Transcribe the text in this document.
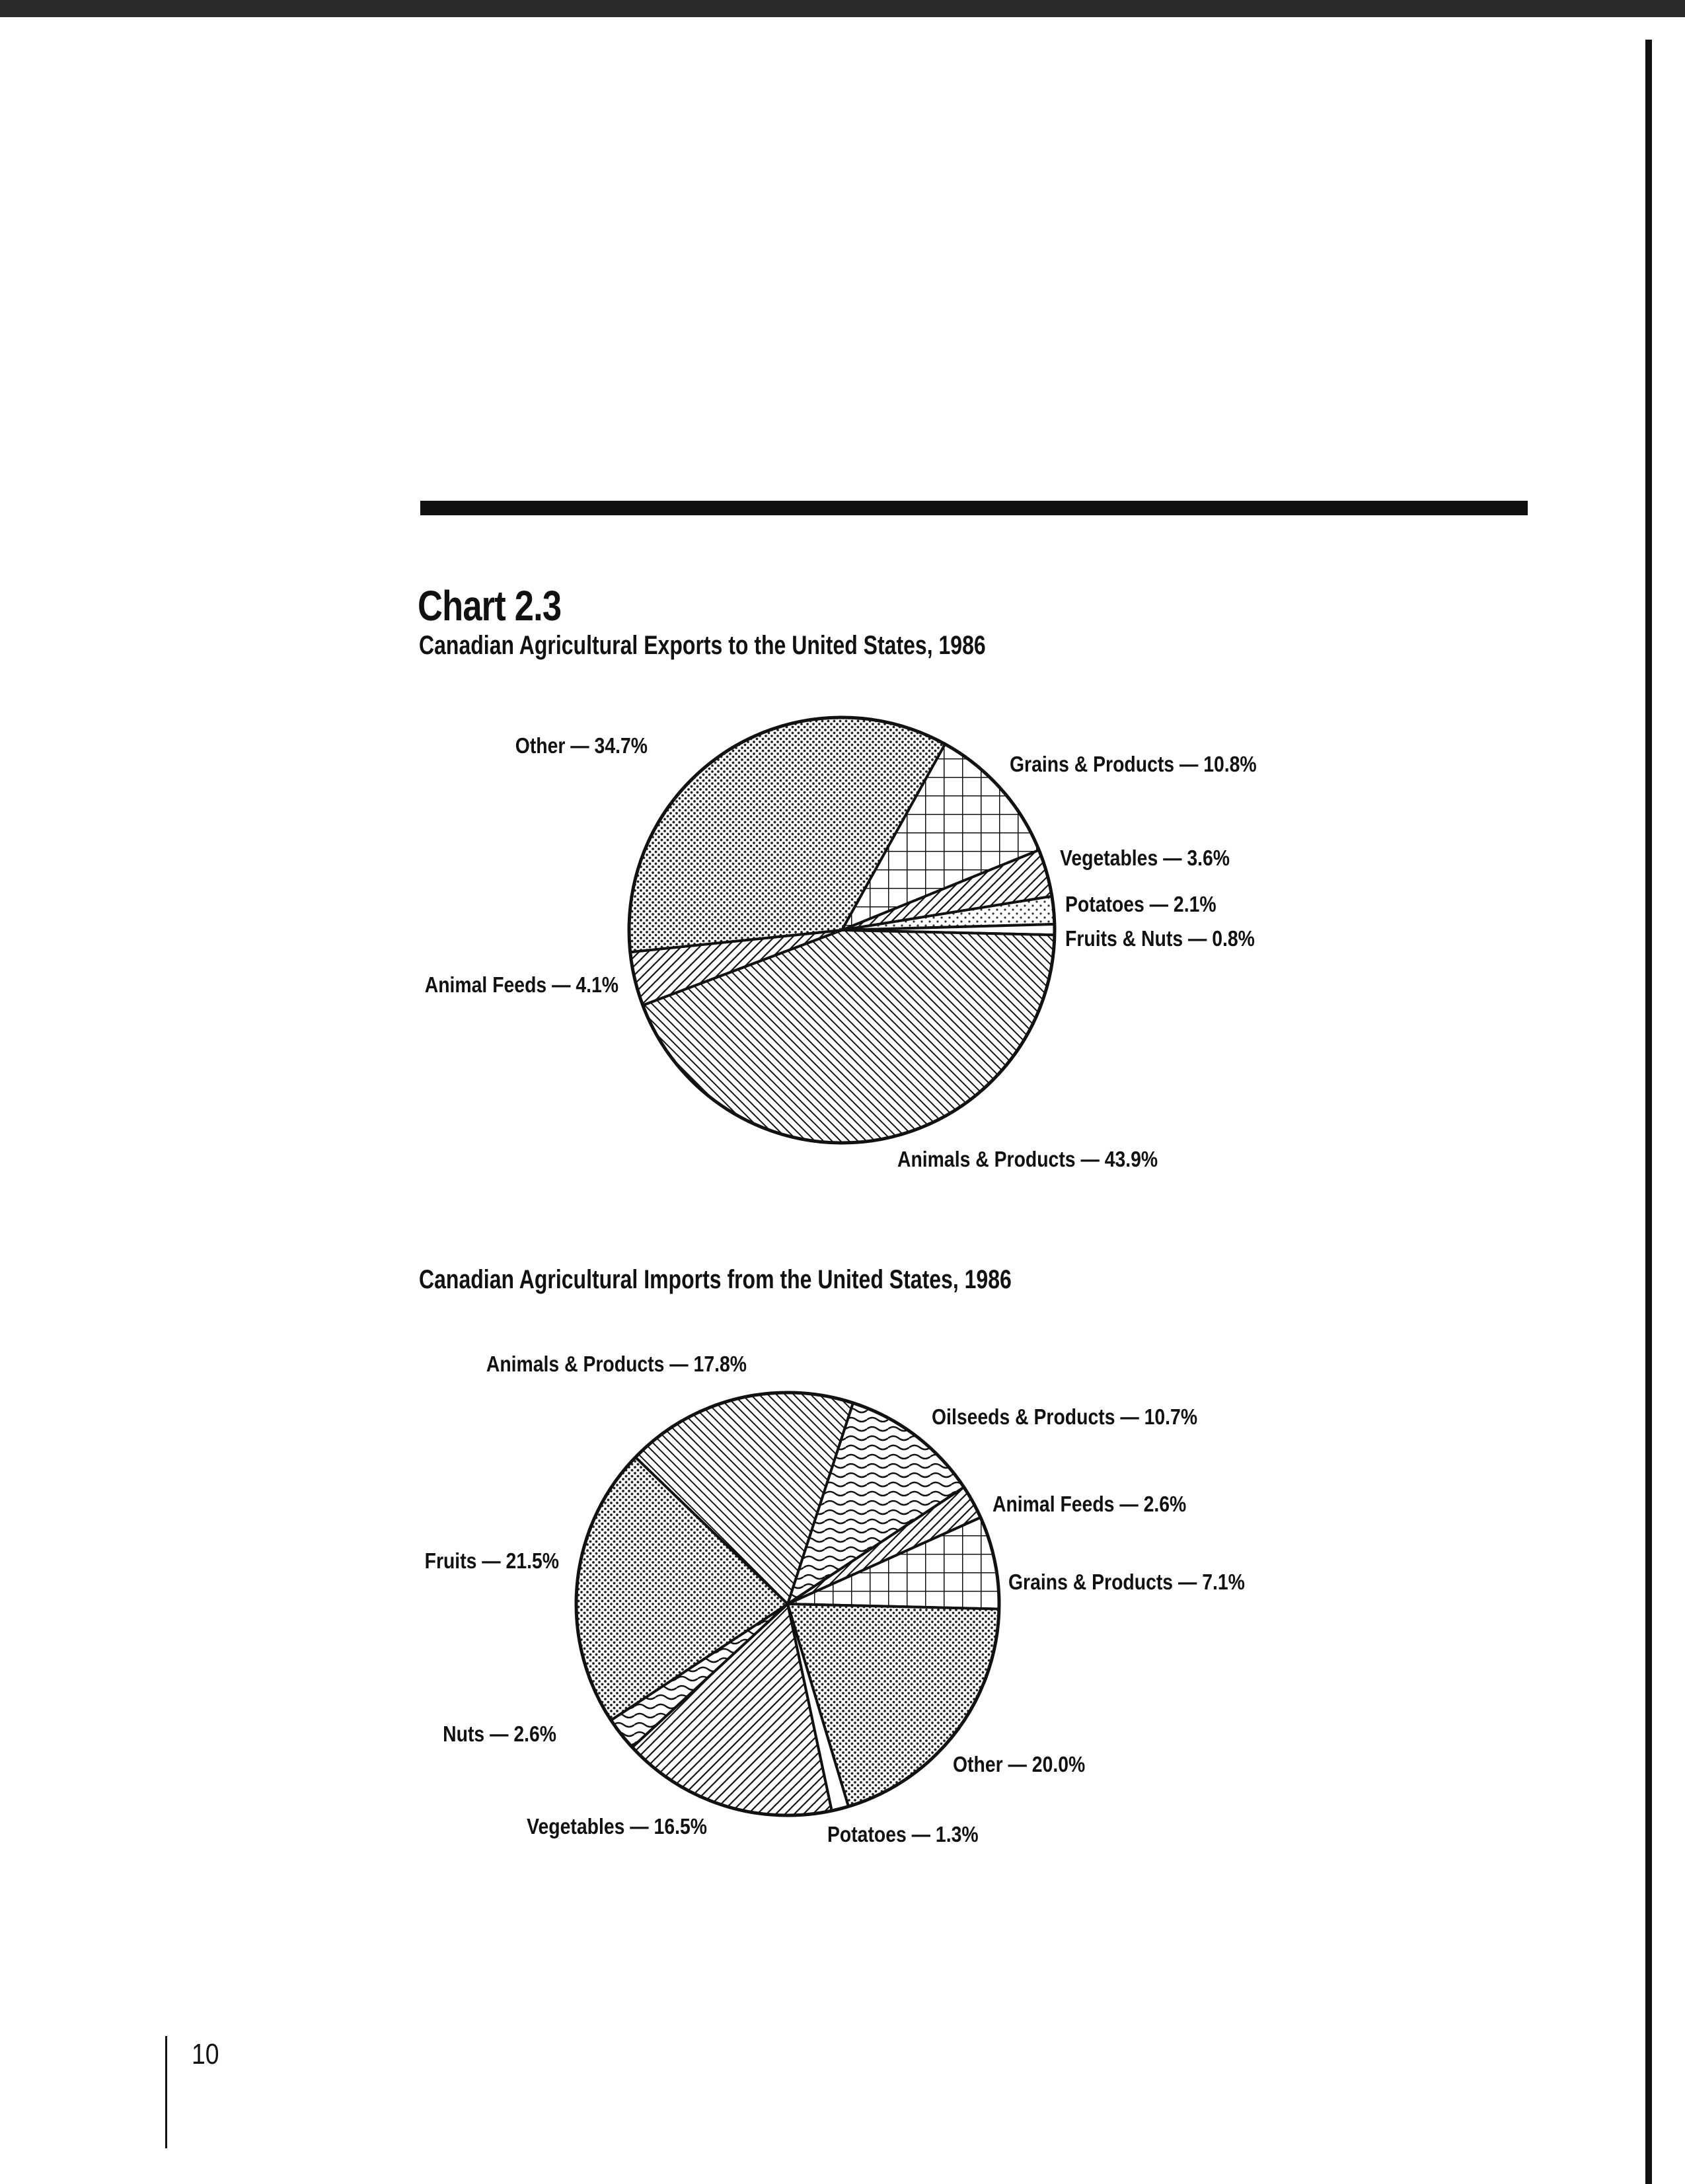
Chart 2.3
Canadian Agricultural Exports to the United States, 1986
Canadian Agricultural Imports from the United States, 1986
Grains & Products — 10.8%
Vegetables — 3.6%
Potatoes — 2.1%
Fruits & Nuts — 0.8%
Animals & Products — 43.9%
Animal Feeds — 4.1%
Other — 34.7%
Oilseeds & Products — 10.7%
Animal Feeds — 2.6%
Grains & Products — 7.1%
Other — 20.0%
Potatoes — 1.3%
Vegetables — 16.5%
Nuts — 2.6%
Fruits — 21.5%
Animals & Products — 17.8%
10
